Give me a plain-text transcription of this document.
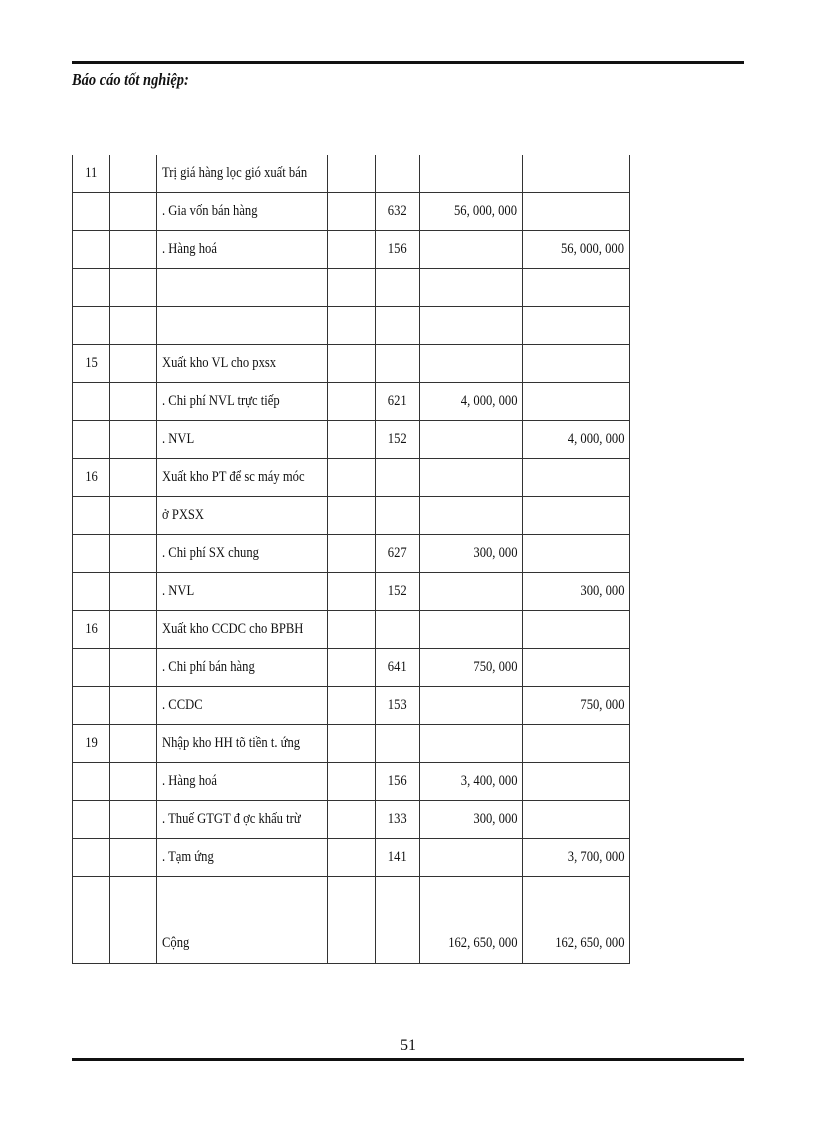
Báo cáo tốt nghiệp:
11		Trị giá hàng lọc gió xuất bán				
		. Gia vốn bán hàng		632	56, 000, 000	
		. Hàng hoá		156		56, 000, 000

15		Xuất kho VL cho pxsx				
		. Chi phí NVL trực tiếp		621	4, 000, 000	
		. NVL		152		4, 000, 000
16		Xuất kho PT để sc máy móc				
		ở PXSX				
		. Chi phí SX chung		627	300, 000	
		. NVL		152		300, 000
16		Xuất kho CCDC cho BPBH				
		. Chi phí bán hàng		641	750, 000	
		. CCDC		153		750, 000
19		Nhập kho HH tõ tiền t. ứng				
		. Hàng hoá		156	3, 400, 000	
		. Thuế GTGT đ ợc khấu trừ		133	300, 000	
		. Tạm ứng		141		3, 700, 000
		Cộng			162, 650, 000	162, 650, 000
51
